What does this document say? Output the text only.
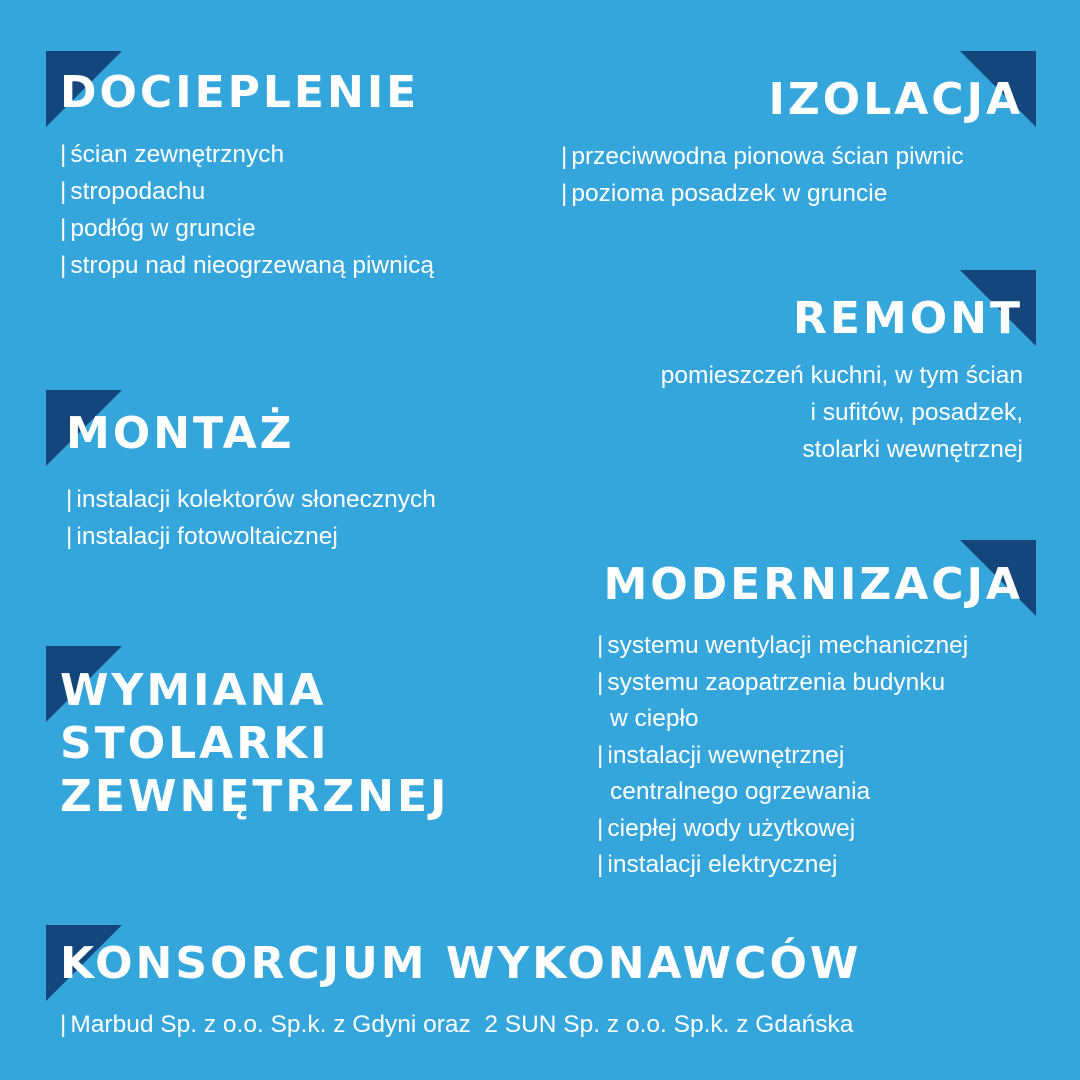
DOCIEPLENIE
| ścian zewnętrznych
| stropodachu
| podłóg w gruncie
| stropu nad nieogrzewaną piwnicą
IZOLACJA
| przeciwwodna pionowa ścian piwnic
| pozioma posadzek w gruncie
REMONT
pomieszczeń kuchni, w tym ścian
i sufitów, posadzek,
stolarki wewnętrznej
MONTAŻ
| instalacji kolektorów słonecznych
| instalacji fotowoltaicznej
MODERNIZACJA
| systemu wentylacji mechanicznej
| systemu zaopatrzenia budynku
w ciepło
| instalacji wewnętrznej
centralnego ogrzewania
| ciepłej wody użytkowej
| instalacji elektrycznej
WYMIANA
STOLARKI
ZEWNĘTRZNEJ
KONSORCJUM WYKONAWCÓW
| Marbud Sp. z o.o. Sp.k. z Gdyni oraz  2 SUN Sp. z o.o. Sp.k. z Gdańska
